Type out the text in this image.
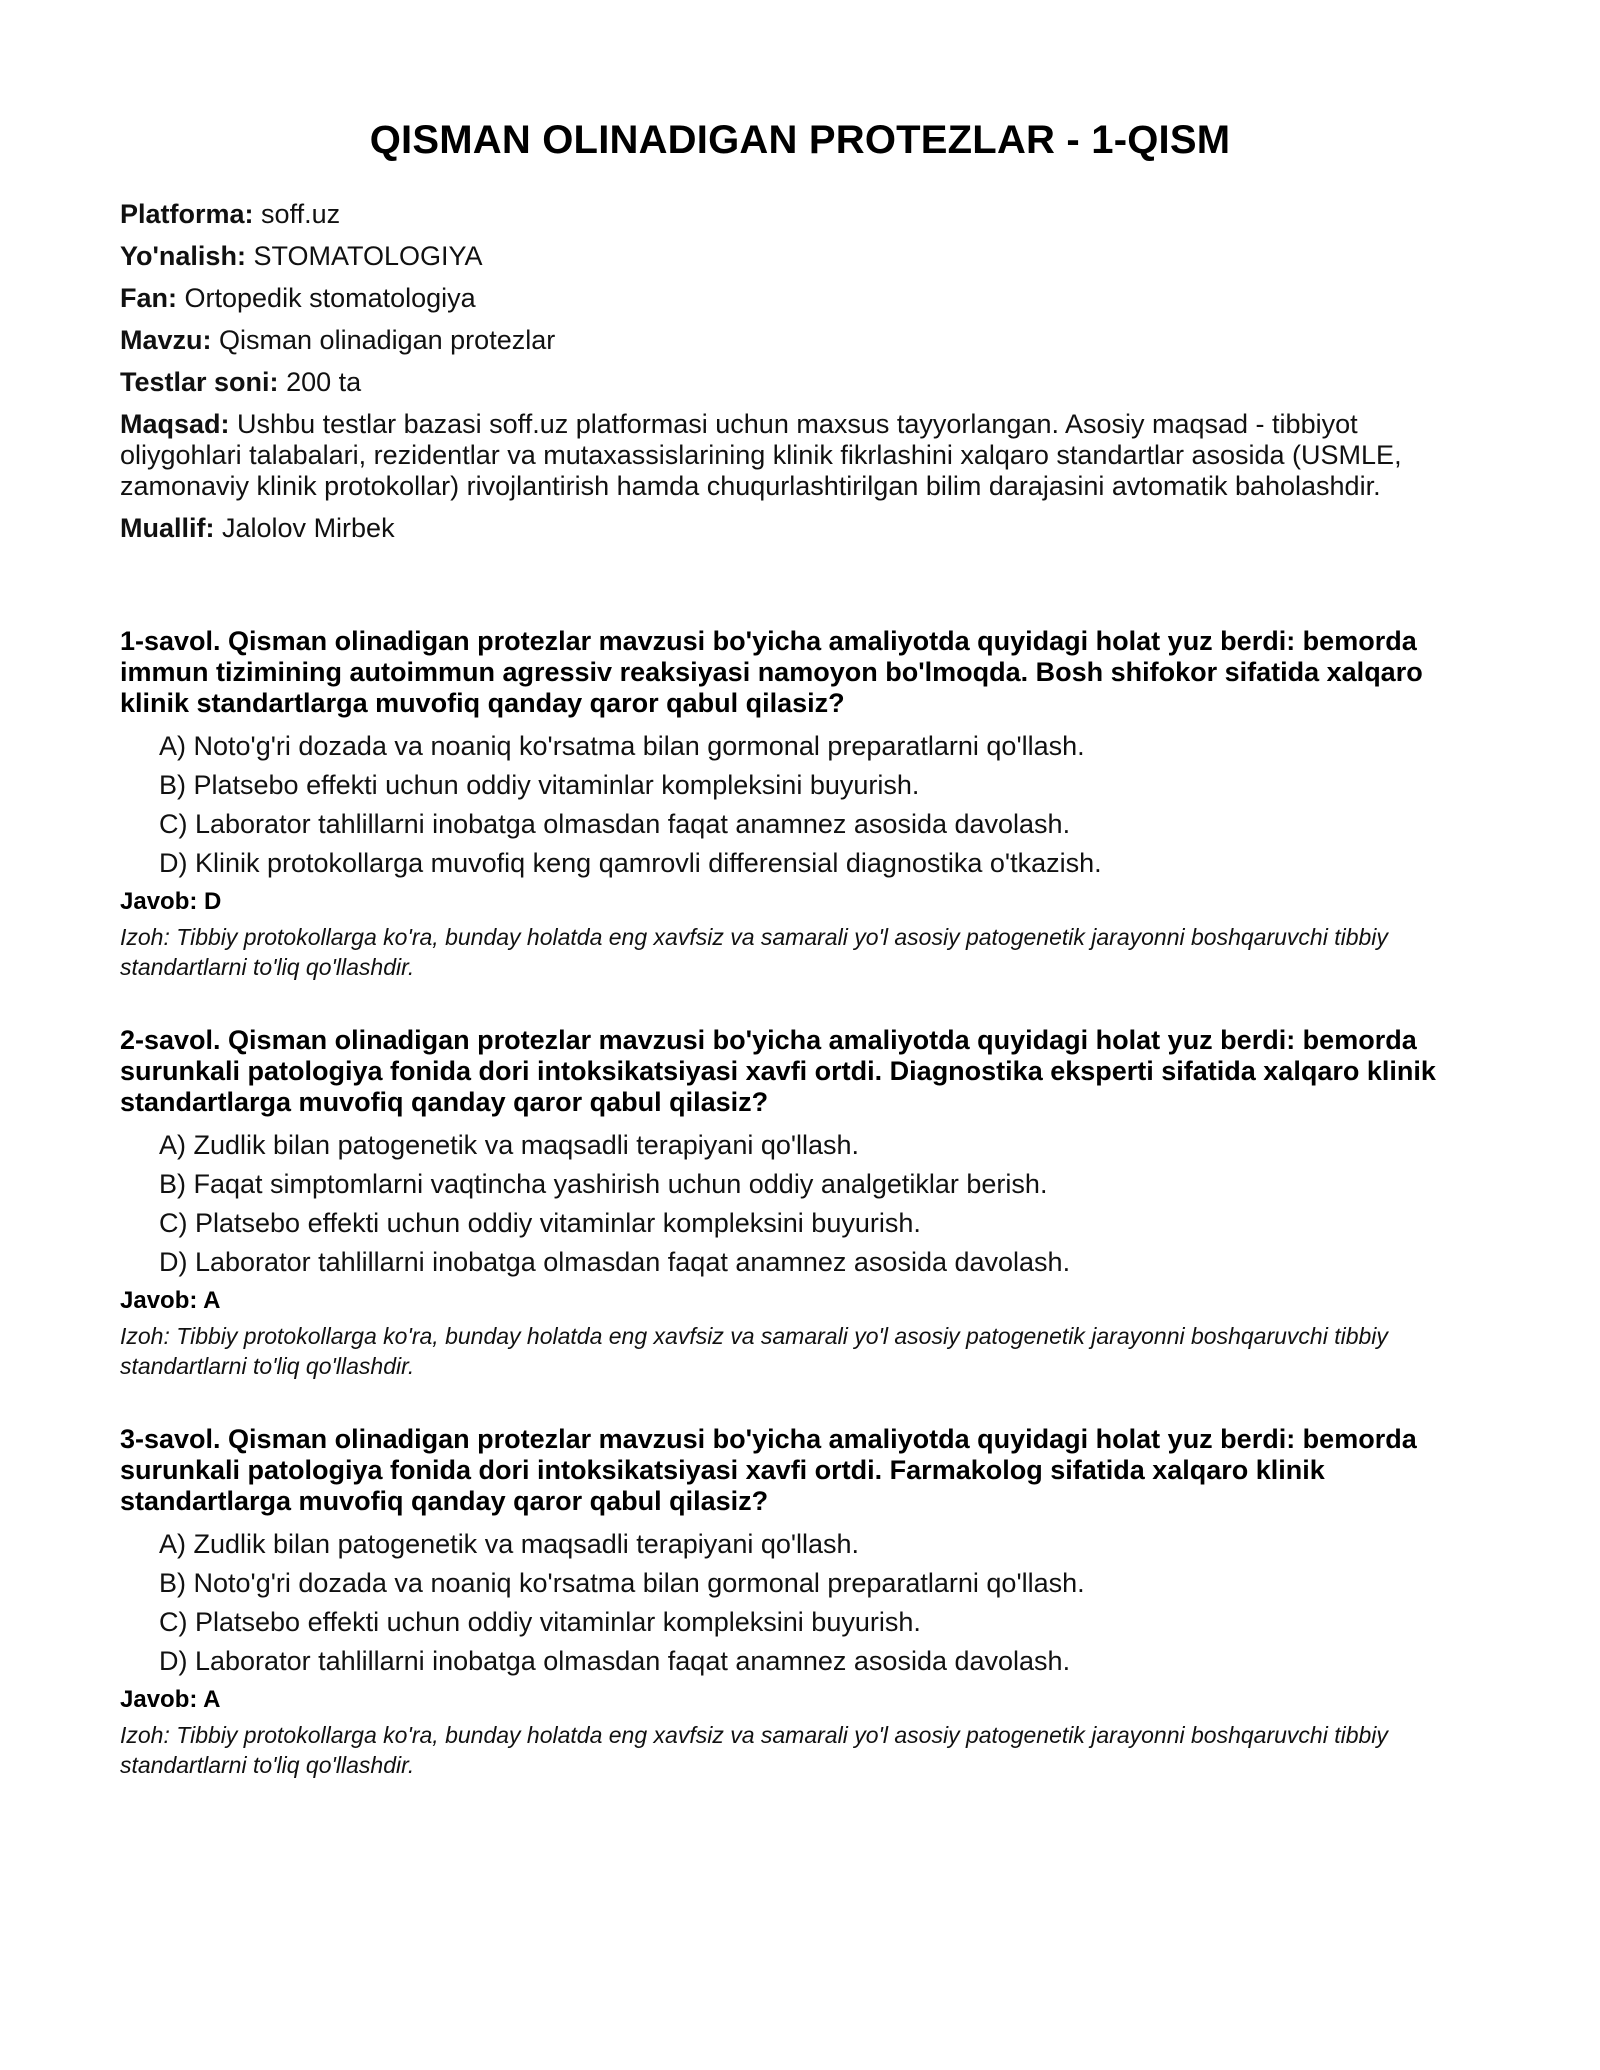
QISMAN OLINADIGAN PROTEZLAR - 1-QISM

Platforma: soff.uz

Yo'nalish: STOMATOLOGIYA

Fan: Ortopedik stomatologiya

Mavzu: Qisman olinadigan protezlar

Testlar soni: 200 ta

Maqsad: Ushbu testlar bazasi soff.uz platformasi uchun maxsus tayyorlangan. Asosiy maqsad - tibbiyot oliygohlari talabalari, rezidentlar va mutaxassislarining klinik fikrlashini xalqaro standartlar asosida (USMLE, zamonaviy klinik protokollar) rivojlantirish hamda chuqurlashtirilgan bilim darajasini avtomatik baholashdir.

Muallif: Jalolov Mirbek

1-savol. Qisman olinadigan protezlar mavzusi bo'yicha amaliyotda quyidagi holat yuz berdi: bemorda immun tizimining autoimmun agressiv reaksiyasi namoyon bo'lmoqda. Bosh shifokor sifatida xalqaro klinik standartlarga muvofiq qanday qaror qabul qilasiz?

A) Noto'g'ri dozada va noaniq ko'rsatma bilan gormonal preparatlarni qo'llash.
B) Platsebo effekti uchun oddiy vitaminlar kompleksini buyurish.
C) Laborator tahlillarni inobatga olmasdan faqat anamnez asosida davolash.
D) Klinik protokollarga muvofiq keng qamrovli differensial diagnostika o'tkazish.

Javob: D

Izoh: Tibbiy protokollarga ko'ra, bunday holatda eng xavfsiz va samarali yo'l asosiy patogenetik jarayonni boshqaruvchi tibbiy standartlarni to'liq qo'llashdir.

2-savol. Qisman olinadigan protezlar mavzusi bo'yicha amaliyotda quyidagi holat yuz berdi: bemorda surunkali patologiya fonida dori intoksikatsiyasi xavfi ortdi. Diagnostika eksperti sifatida xalqaro klinik standartlarga muvofiq qanday qaror qabul qilasiz?

A) Zudlik bilan patogenetik va maqsadli terapiyani qo'llash.
B) Faqat simptomlarni vaqtincha yashirish uchun oddiy analgetiklar berish.
C) Platsebo effekti uchun oddiy vitaminlar kompleksini buyurish.
D) Laborator tahlillarni inobatga olmasdan faqat anamnez asosida davolash.

Javob: A

Izoh: Tibbiy protokollarga ko'ra, bunday holatda eng xavfsiz va samarali yo'l asosiy patogenetik jarayonni boshqaruvchi tibbiy standartlarni to'liq qo'llashdir.

3-savol. Qisman olinadigan protezlar mavzusi bo'yicha amaliyotda quyidagi holat yuz berdi: bemorda surunkali patologiya fonida dori intoksikatsiyasi xavfi ortdi. Farmakolog sifatida xalqaro klinik standartlarga muvofiq qanday qaror qabul qilasiz?

A) Zudlik bilan patogenetik va maqsadli terapiyani qo'llash.
B) Noto'g'ri dozada va noaniq ko'rsatma bilan gormonal preparatlarni qo'llash.
C) Platsebo effekti uchun oddiy vitaminlar kompleksini buyurish.
D) Laborator tahlillarni inobatga olmasdan faqat anamnez asosida davolash.

Javob: A

Izoh: Tibbiy protokollarga ko'ra, bunday holatda eng xavfsiz va samarali yo'l asosiy patogenetik jarayonni boshqaruvchi tibbiy standartlarni to'liq qo'llashdir.
